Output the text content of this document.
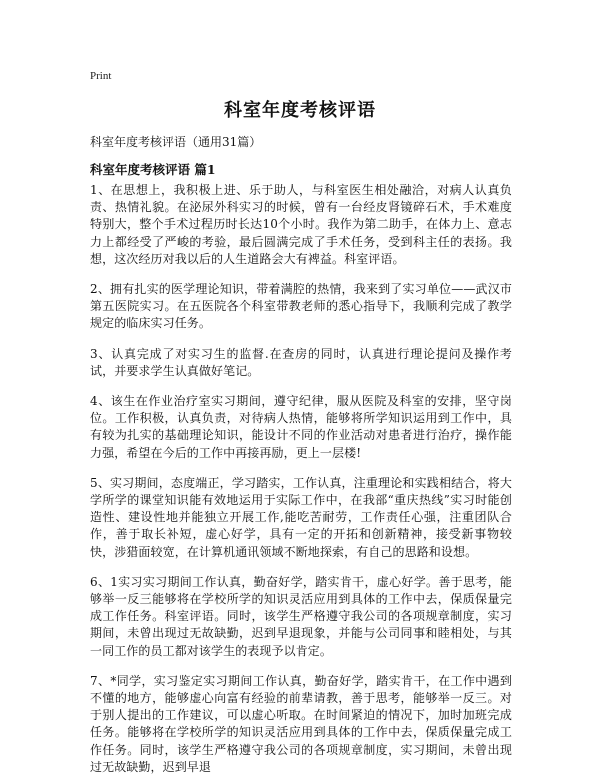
Print
科室年度考核评语
科室年度考核评语（通用31篇）
科室年度考核评语 篇1

1、在思想上，我积极上进、乐于助人，与科室医生相处融洽，对病人认真负责、热情礼貌。在泌尿外科实习的时候，曾有一台经皮肾镜碎石术，手术难度特别大，整个手术过程历时长达10个小时。我作为第二助手，在体力上、意志力上都经受了严峻的考验，最后圆满完成了手术任务，受到科主任的表扬。我想，这次经历对我以后的人生道路会大有裨益。科室评语。

2、拥有扎实的医学理论知识，带着满腔的热情，我来到了实习单位——武汉市第五医院实习。在五医院各个科室带教老师的悉心指导下，我顺利完成了教学规定的临床实习任务。

3、认真完成了对实习生的监督.在查房的同时，认真进行理论提问及操作考试，并要求学生认真做好笔记。

4、该生在作业治疗室实习期间，遵守纪律，服从医院及科室的安排，坚守岗位。工作积极，认真负责，对待病人热情，能够将所学知识运用到工作中，具有较为扎实的基础理论知识，能设计不同的作业活动对患者进行治疗，操作能力强，希望在今后的工作中再接再励，更上一层楼!

5、实习期间，态度端正，学习踏实，工作认真，注重理论和实践相结合，将大学所学的课堂知识能有效地运用于实际工作中，在我部“重庆热线”实习时能创造性、建设性地并能独立开展工作,能吃苦耐劳，工作责任心强，注重团队合作，善于取长补短，虚心好学，具有一定的开拓和创新精神，接受新事物较快，涉猎面较宽，在计算机通讯领域不断地探索，有自己的思路和设想。

6、1实习实习期间工作认真，勤奋好学，踏实肯干，虚心好学。善于思考，能够举一反三能够将在学校所学的知识灵活应用到具体的工作中去，保质保量完成工作任务。科室评语。同时，该学生严格遵守我公司的各项规章制度，实习期间，未曾出现过无故缺勤，迟到早退现象，并能与公司同事和睦相处，与其一同工作的员工都对该学生的表现予以肯定。

7、*同学，实习鉴定实习期间工作认真，勤奋好学，踏实肯干，在工作中遇到不懂的地方，能够虚心向富有经验的前辈请教，善于思考，能够举一反三。对于别人提出的工作建议，可以虚心听取。在时间紧迫的情况下，加时加班完成任务。能够将在学校所学的知识灵活应用到具体的工作中去，保质保量完成工作任务。同时，该学生严格遵守我公司的各项规章制度，实习期间，未曾出现过无故缺勤，迟到早退
